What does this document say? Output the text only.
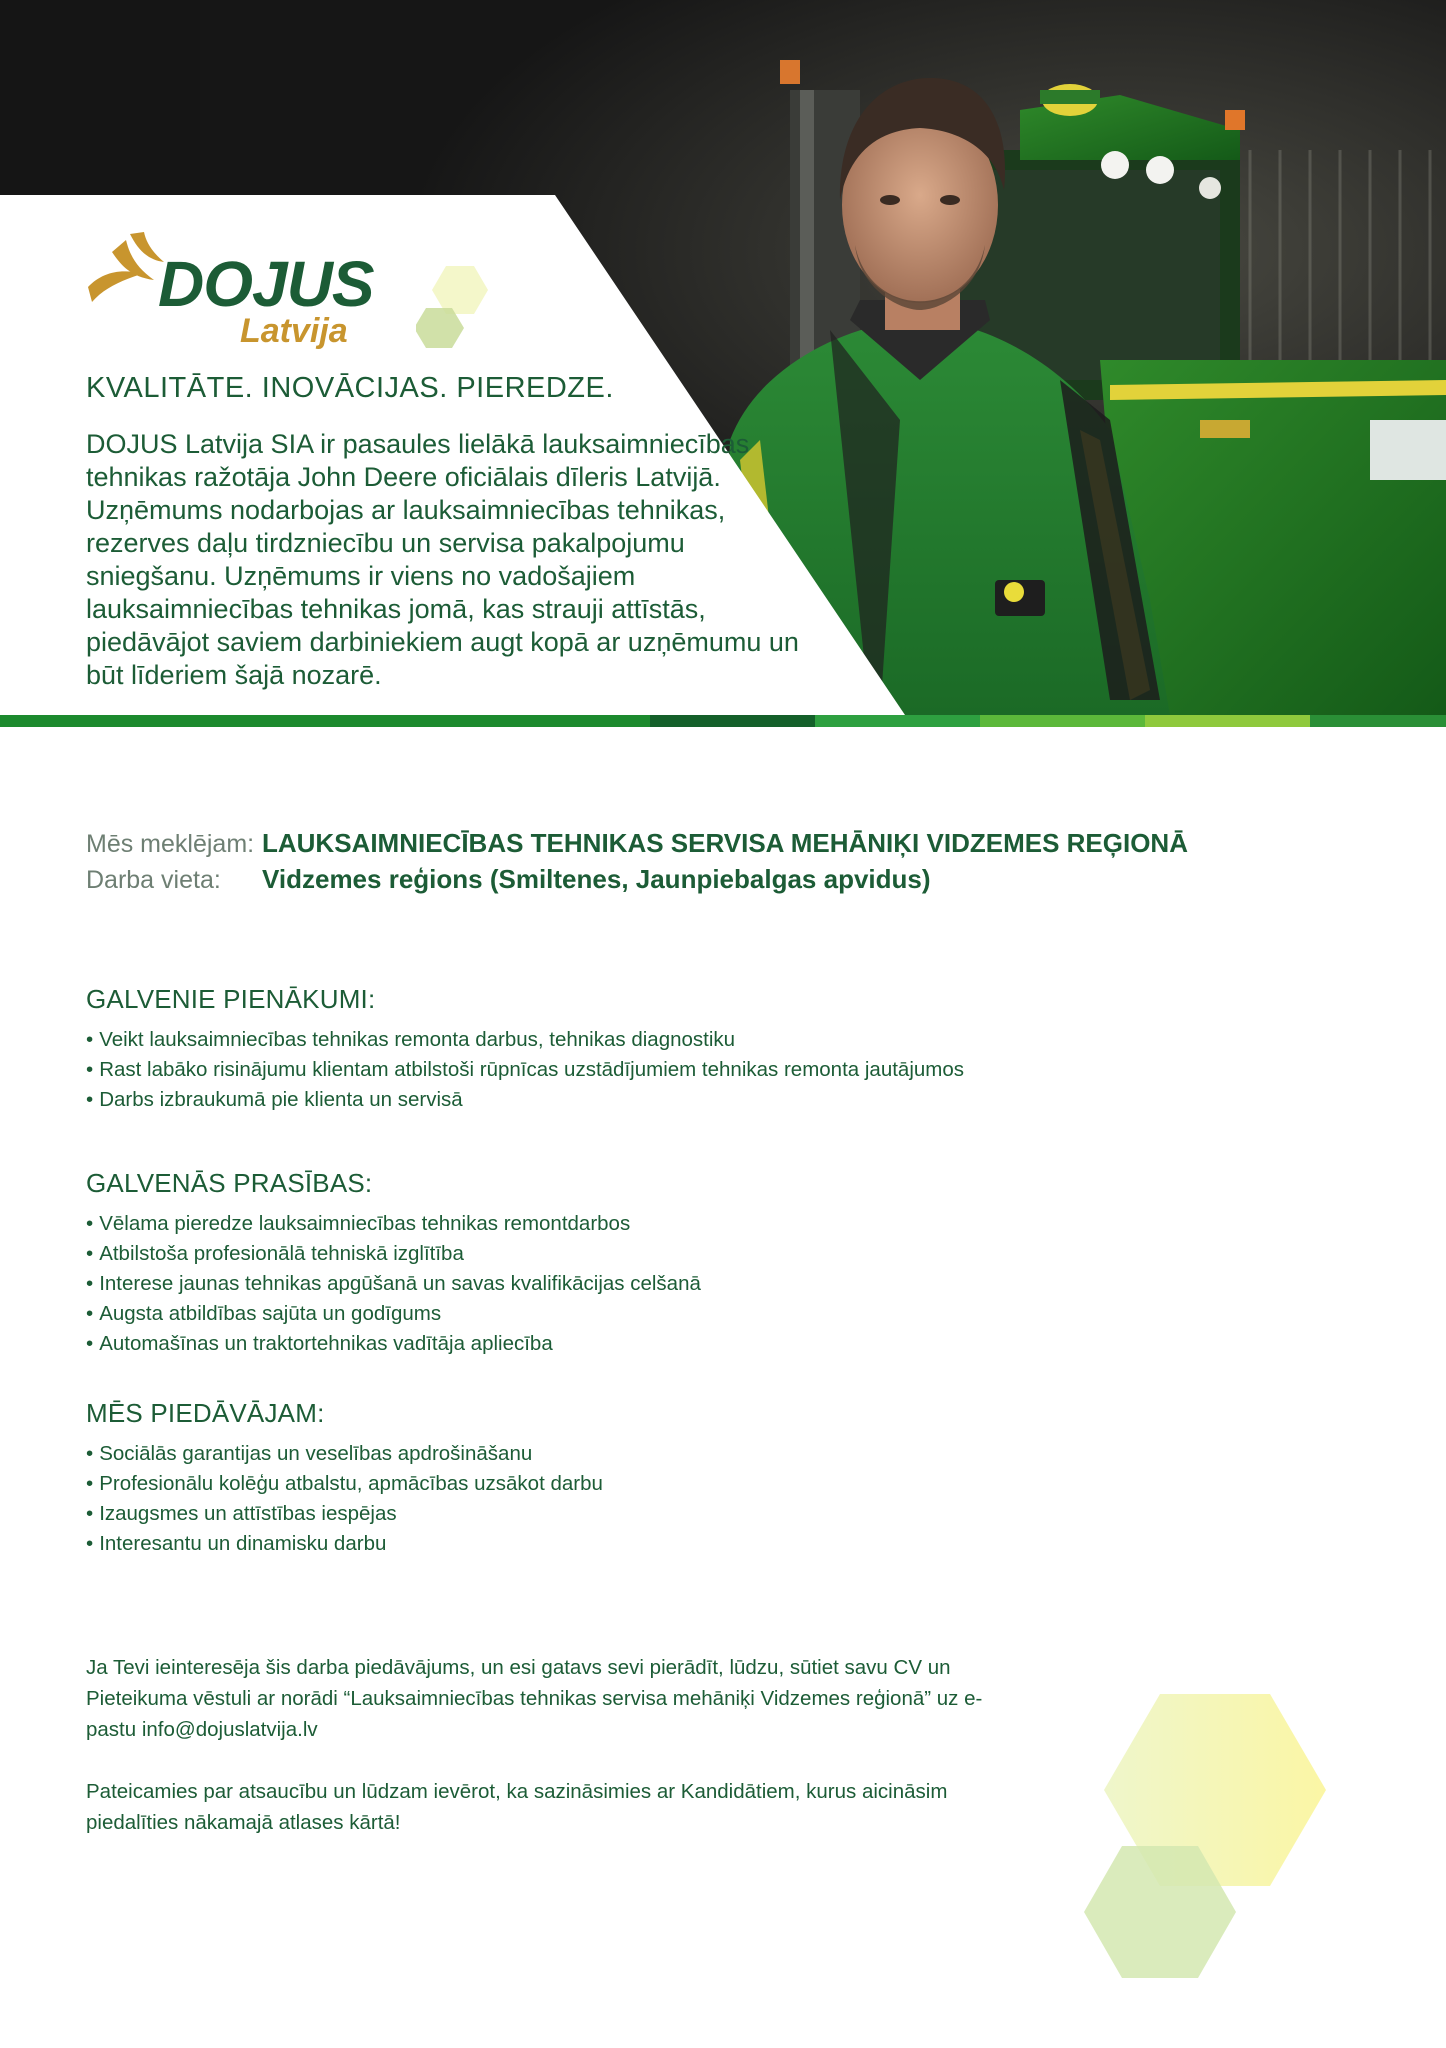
DOJUS
Latvija
KVALITĀTE. INOVĀCIJAS. PIEREDZE.
DOJUS Latvija SIA ir pasaules lielākā lauksaimniecības tehnikas ražotāja John Deere oficiālais dīleris Latvijā. Uzņēmums nodarbojas ar lauksaimniecības tehnikas, rezerves daļu tirdzniecību un servisa pakalpojumu sniegšanu. Uzņēmums ir viens no vadošajiem lauksaimniecības tehnikas jomā, kas strauji attīstās, piedāvājot saviem darbiniekiem augt kopā ar uzņēmumu un būt līderiem šajā nozarē.
Mēs meklējam: LAUKSAIMNIECĪBAS TEHNIKAS SERVISA MEHĀNIĶI VIDZEMES REĢIONĀ
Darba vieta:	Vidzemes reģions (Smiltenes, Jaunpiebalgas apvidus)
GALVENIE PIENĀKUMI:
• Veikt lauksaimniecības tehnikas remonta darbus, tehnikas diagnostiku
• Rast labāko risinājumu klientam atbilstoši rūpnīcas uzstādījumiem tehnikas remonta jautājumos
• Darbs izbraukumā pie klienta un servisā
GALVENĀS PRASĪBAS:
• Vēlama pieredze lauksaimniecības tehnikas remontdarbos
• Atbilstoša profesionālā tehniskā izglītība
• Interese jaunas tehnikas apgūšanā un savas kvalifikācijas celšanā
• Augsta atbildības sajūta un godīgums
• Automašīnas un traktortehnikas vadītāja apliecība
MĒS PIEDĀVĀJAM:
• Sociālās garantijas un veselības apdrošināšanu
• Profesionālu kolēģu atbalstu, apmācības uzsākot darbu
• Izaugsmes un attīstības iespējas
• Interesantu un dinamisku darbu

Ja Tevi ieinteresēja šis darba piedāvājums, un esi gatavs sevi pierādīt, lūdzu, sūtiet savu CV un Pieteikuma vēstuli ar norādi “Lauksaimniecības tehnikas servisa mehāniķi Vidzemes reģionā” uz e-pastu info@dojuslatvija.lv

Pateicamies par atsaucību un lūdzam ievērot, ka sazināsimies ar Kandidātiem, kurus aicināsim piedalīties nākamajā atlases kārtā!
